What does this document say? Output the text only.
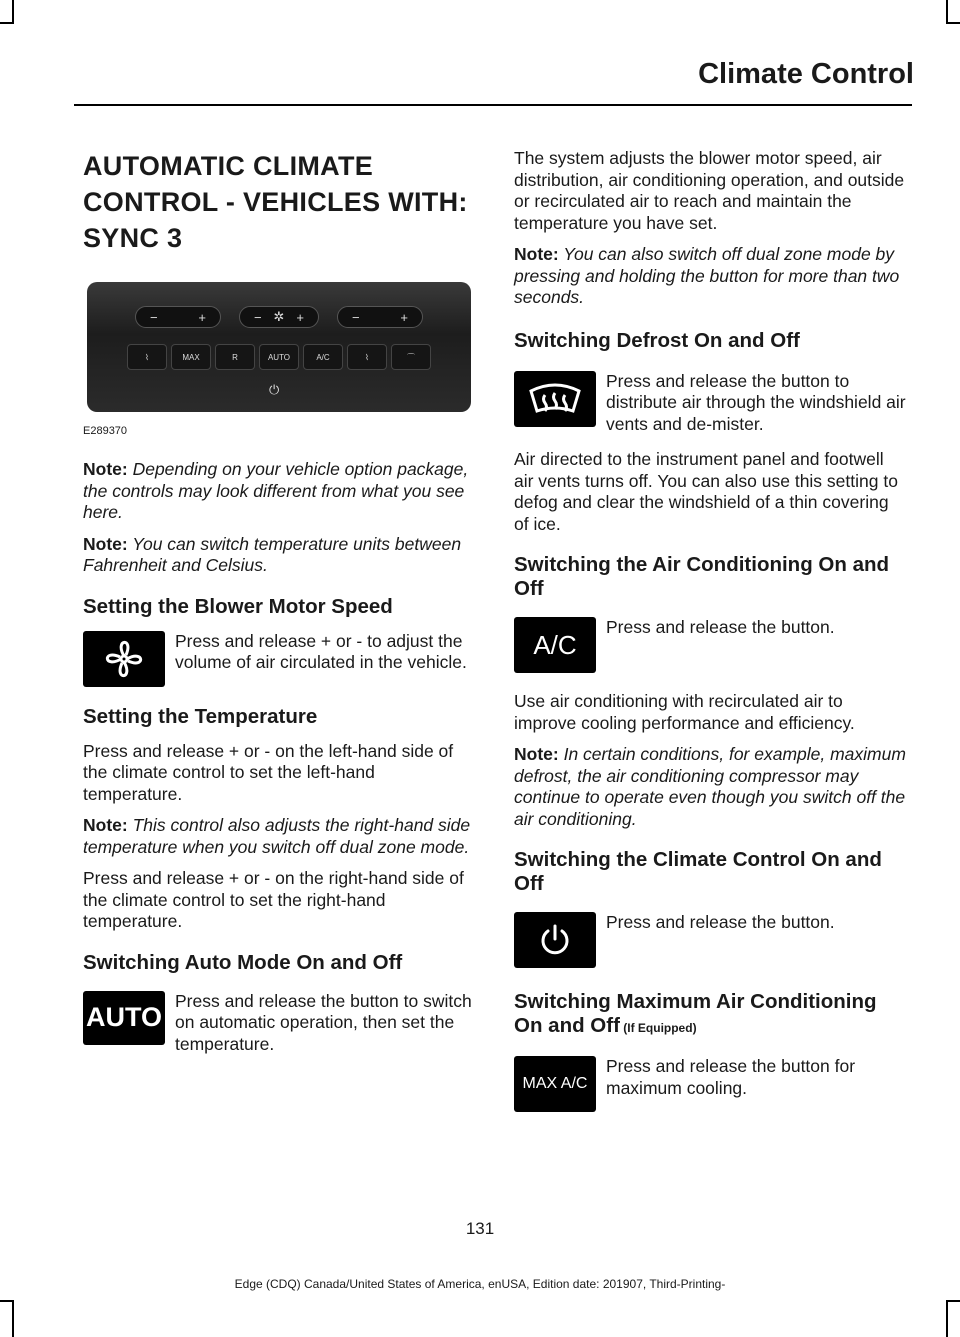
Climate Control
AUTOMATIC CLIMATE CONTROL - VEHICLES WITH: SYNC 3
−	+	− ✲ +	−	+
⌇	MAX	R	AUTO	A/C	⌇	⌒
⏻
E289370

Note: Depending on your vehicle option package, the controls may look different from what you see here.

Note: You can switch temperature units between Fahrenheit and Celsius.

Setting the Blower Motor Speed

Press and release + or - to adjust the volume of air circulated in the vehicle.

Setting the Temperature

Press and release + or - on the left-hand side of the climate control to set the left-hand temperature.

Note: This control also adjusts the right-hand side temperature when you switch off dual zone mode.

Press and release + or - on the right-hand side of the climate control to set the right-hand temperature.

Switching Auto Mode On and Off
AUTO

Press and release the button to switch on automatic operation, then set the temperature.

The system adjusts the blower motor speed, air distribution, air conditioning operation, and outside or recirculated air to reach and maintain the temperature you have set.

Note: You can also switch off dual zone mode by pressing and holding the button for more than two seconds.

Switching Defrost On and Off

Press and release the button to distribute air through the windshield air vents and de-mister.

Air directed to the instrument panel and footwell air vents turns off. You can also use this setting to defog and clear the windshield of a thin covering of ice.

Switching the Air Conditioning On and Off
A/C

Press and release the button.

Use air conditioning with recirculated air to improve cooling performance and efficiency.

Note: In certain conditions, for example, maximum defrost, the air conditioning compressor may continue to operate even though you switch off the air conditioning.

Switching the Climate Control On and Off

Press and release the button.

Switching Maximum Air Conditioning On and Off (If Equipped)
MAX A/C

Press and release the button for maximum cooling.

131
Edge (CDQ) Canada/United States of America, enUSA, Edition date: 201907, Third-Printing-
